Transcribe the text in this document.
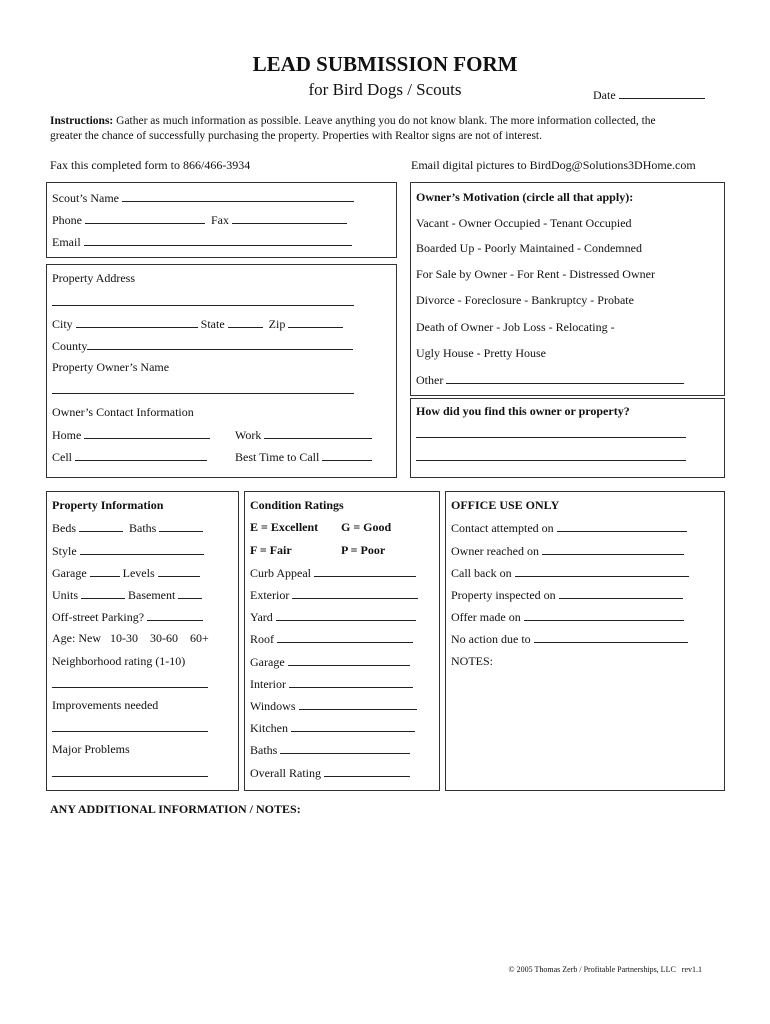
LEAD SUBMISSION FORM
for Bird Dogs / Scouts	Date
Instructions: Gather as much information as possible. Leave anything you do not know blank. The more information collected, the
greater the chance of successfully purchasing the property. Properties with Realtor signs are not of interest.
Fax this completed form to 866/466-3934	Email digital pictures to BirdDog@Solutions3DHome.com
Scout’s Name
Phone	Fax
Email
Property Address
City	State	Zip
County
Property Owner’s Name
Owner’s Contact Information
Home	Work
Cell	Best Time to Call
Owner’s Motivation (circle all that apply):
Vacant - Owner Occupied - Tenant Occupied
Boarded Up - Poorly Maintained - Condemned
For Sale by Owner - For Rent - Distressed Owner
Divorce - Foreclosure - Bankruptcy - Probate
Death of Owner - Job Loss - Relocating -
Ugly House - Pretty House
Other
How did you find this owner or property?
Property Information
Beds	Baths
Style
Garage	Levels
Units	Basement
Off-street Parking?
Age: New   10-30    30-60    60+
Neighborhood rating (1-10)
Improvements needed
Major Problems
Condition Ratings
E = Excellent G = Good
F = Fair	P = Poor
Curb Appeal
Exterior
Yard
Roof
Garage
Interior
Windows
Kitchen
Baths
Overall Rating
OFFICE USE ONLY
Contact attempted on
Owner reached on
Call back on
Property inspected on
Offer made on
No action due to
NOTES:
ANY ADDITIONAL INFORMATION / NOTES:
© 2005 Thomas Zerb / Profitable Partnerships, LLC   rev1.1
